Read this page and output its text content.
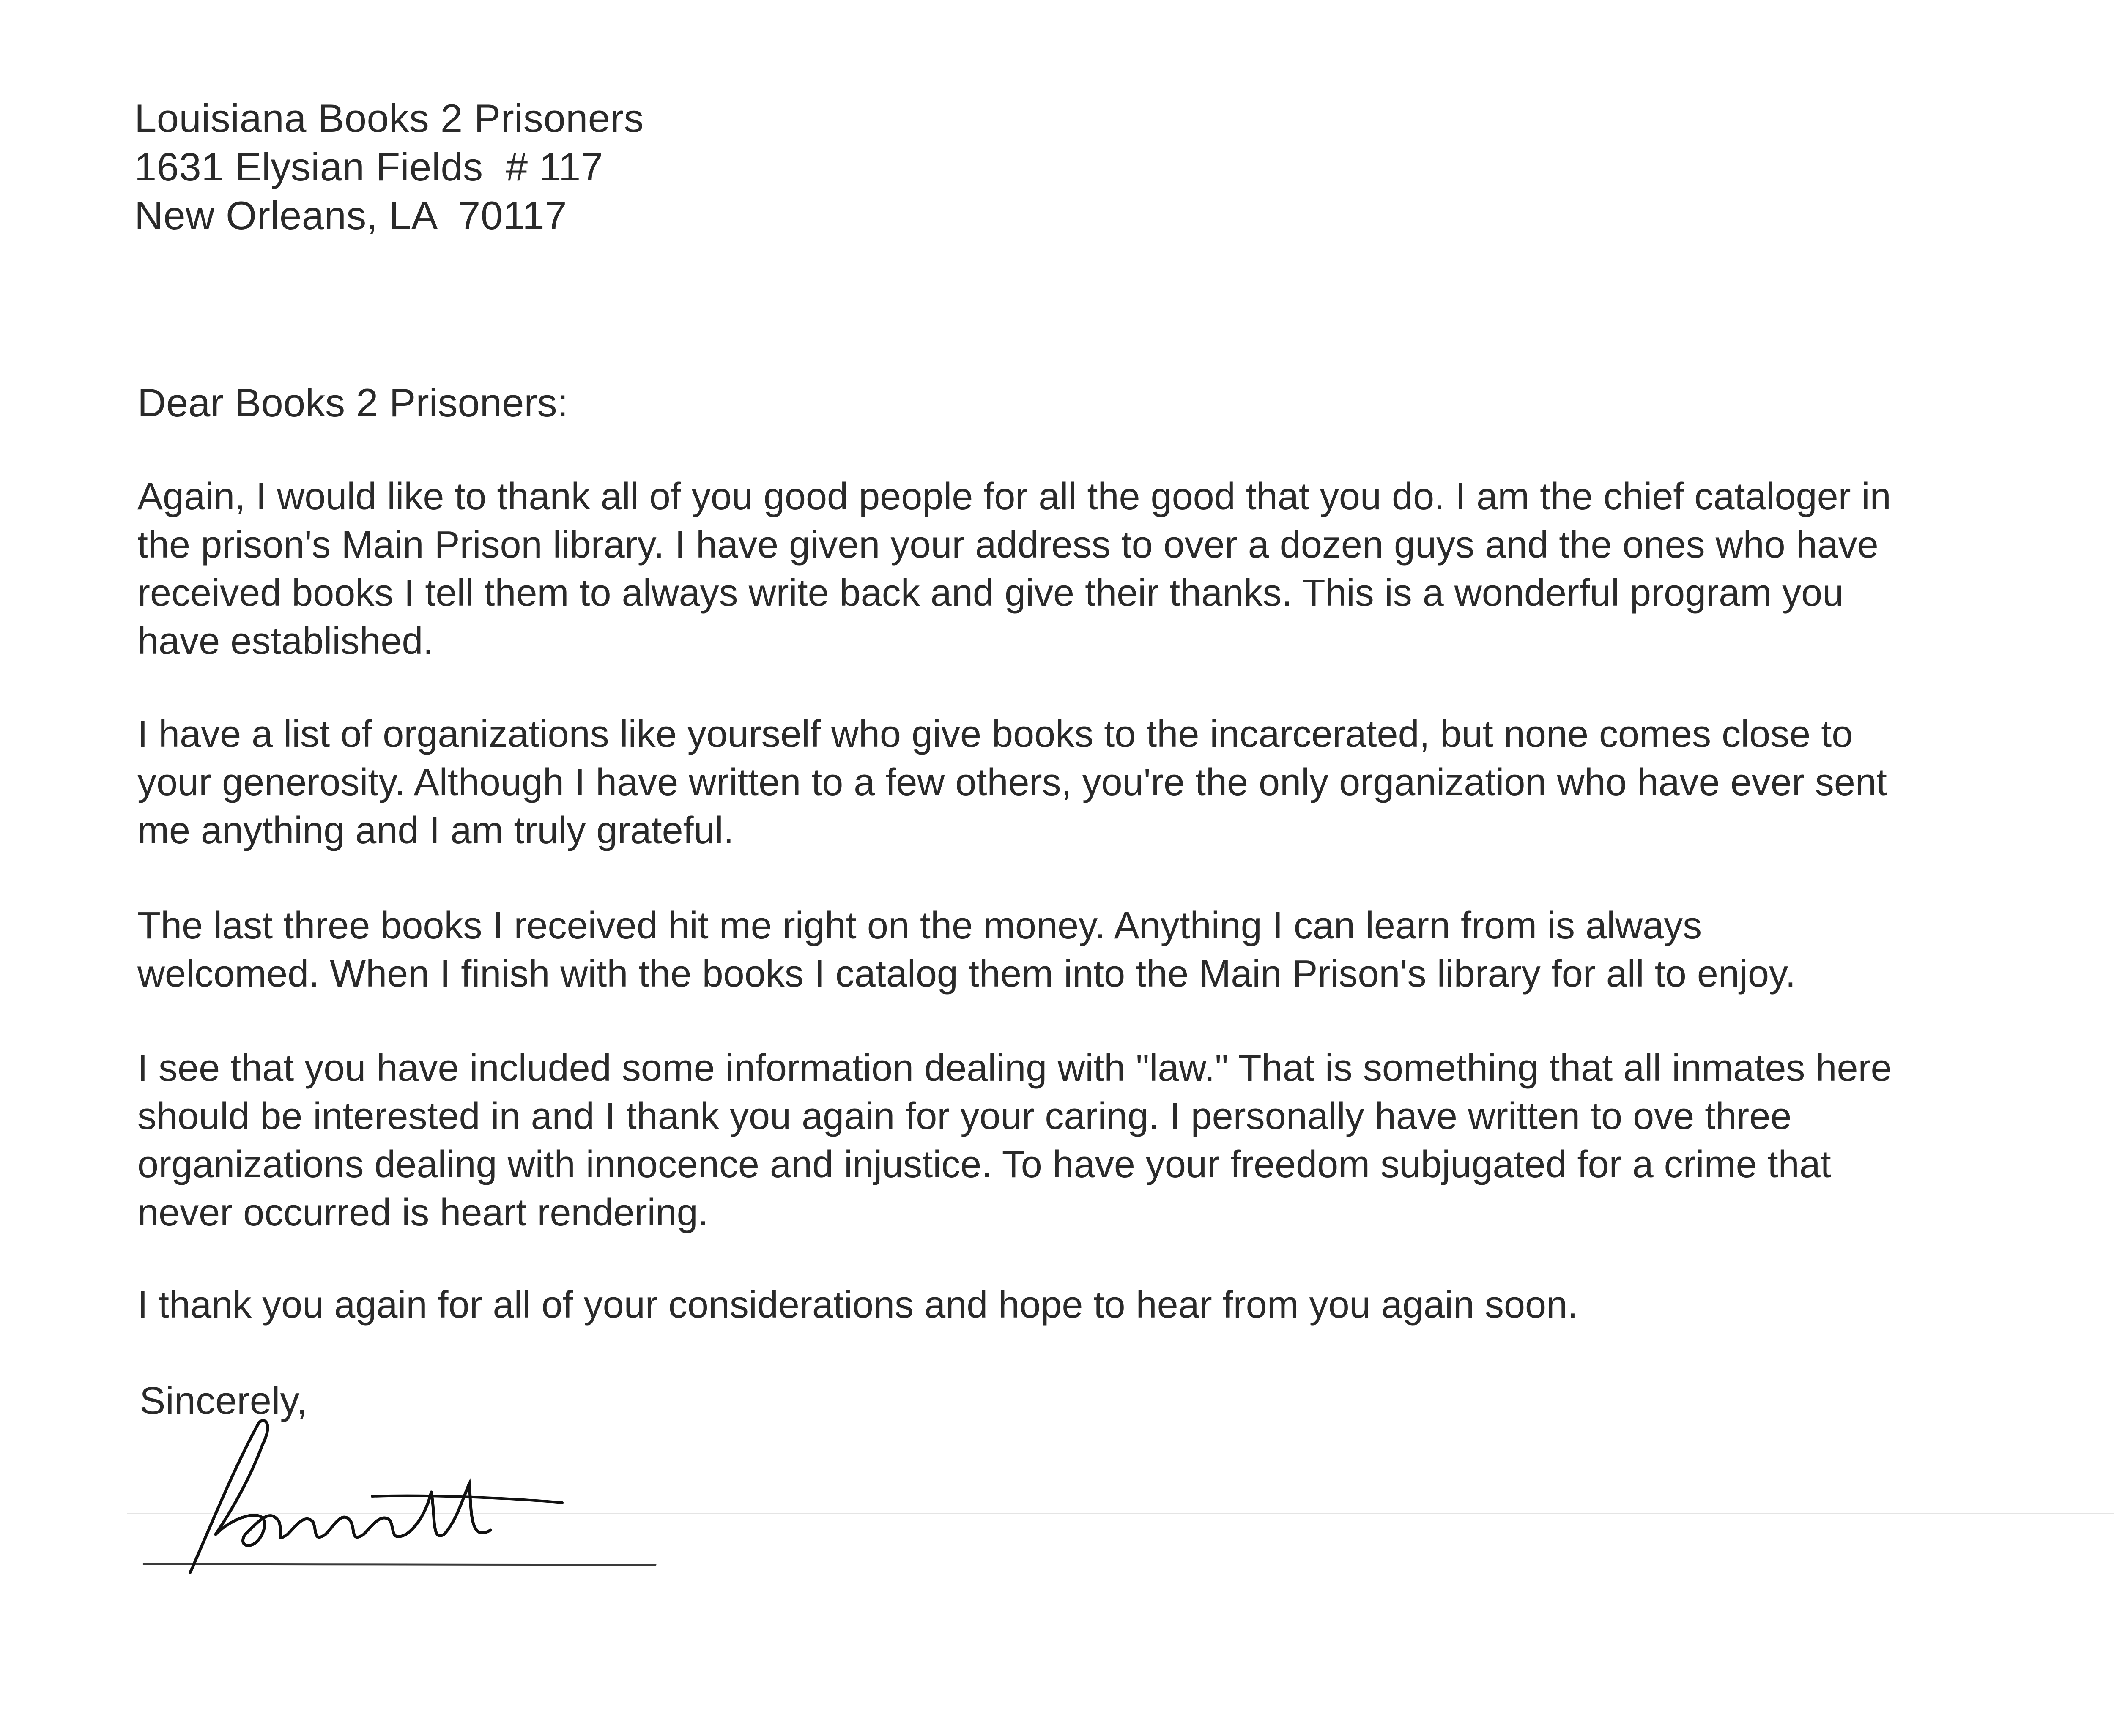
Louisiana Books 2 Prisoners
1631 Elysian Fields  # 117
New Orleans, LA  70117
Dear Books 2 Prisoners:

Again, I would like to thank all of you good people for all the good that you do. I am the chief cataloger in
the prison's Main Prison library. I have given your address to over a dozen guys and the ones who have
received books I tell them to always write back and give their thanks. This is a wonderful program you
have established.

I have a list of organizations like yourself who give books to the incarcerated, but none comes close to
your generosity. Although I have written to a few others, you're the only organization who have ever sent
me anything and I am truly grateful.

The last three books I received hit me right on the money. Anything I can learn from is always
welcomed. When I finish with the books I catalog them into the Main Prison's library for all to enjoy.

I see that you have included some information dealing with "law." That is something that all inmates here
should be interested in and I thank you again for your caring. I personally have written to ove three
organizations dealing with innocence and injustice. To have your freedom subjugated for a crime that
never occurred is heart rendering.

I thank you again for all of your considerations and hope to hear from you again soon.

Sincerely,
